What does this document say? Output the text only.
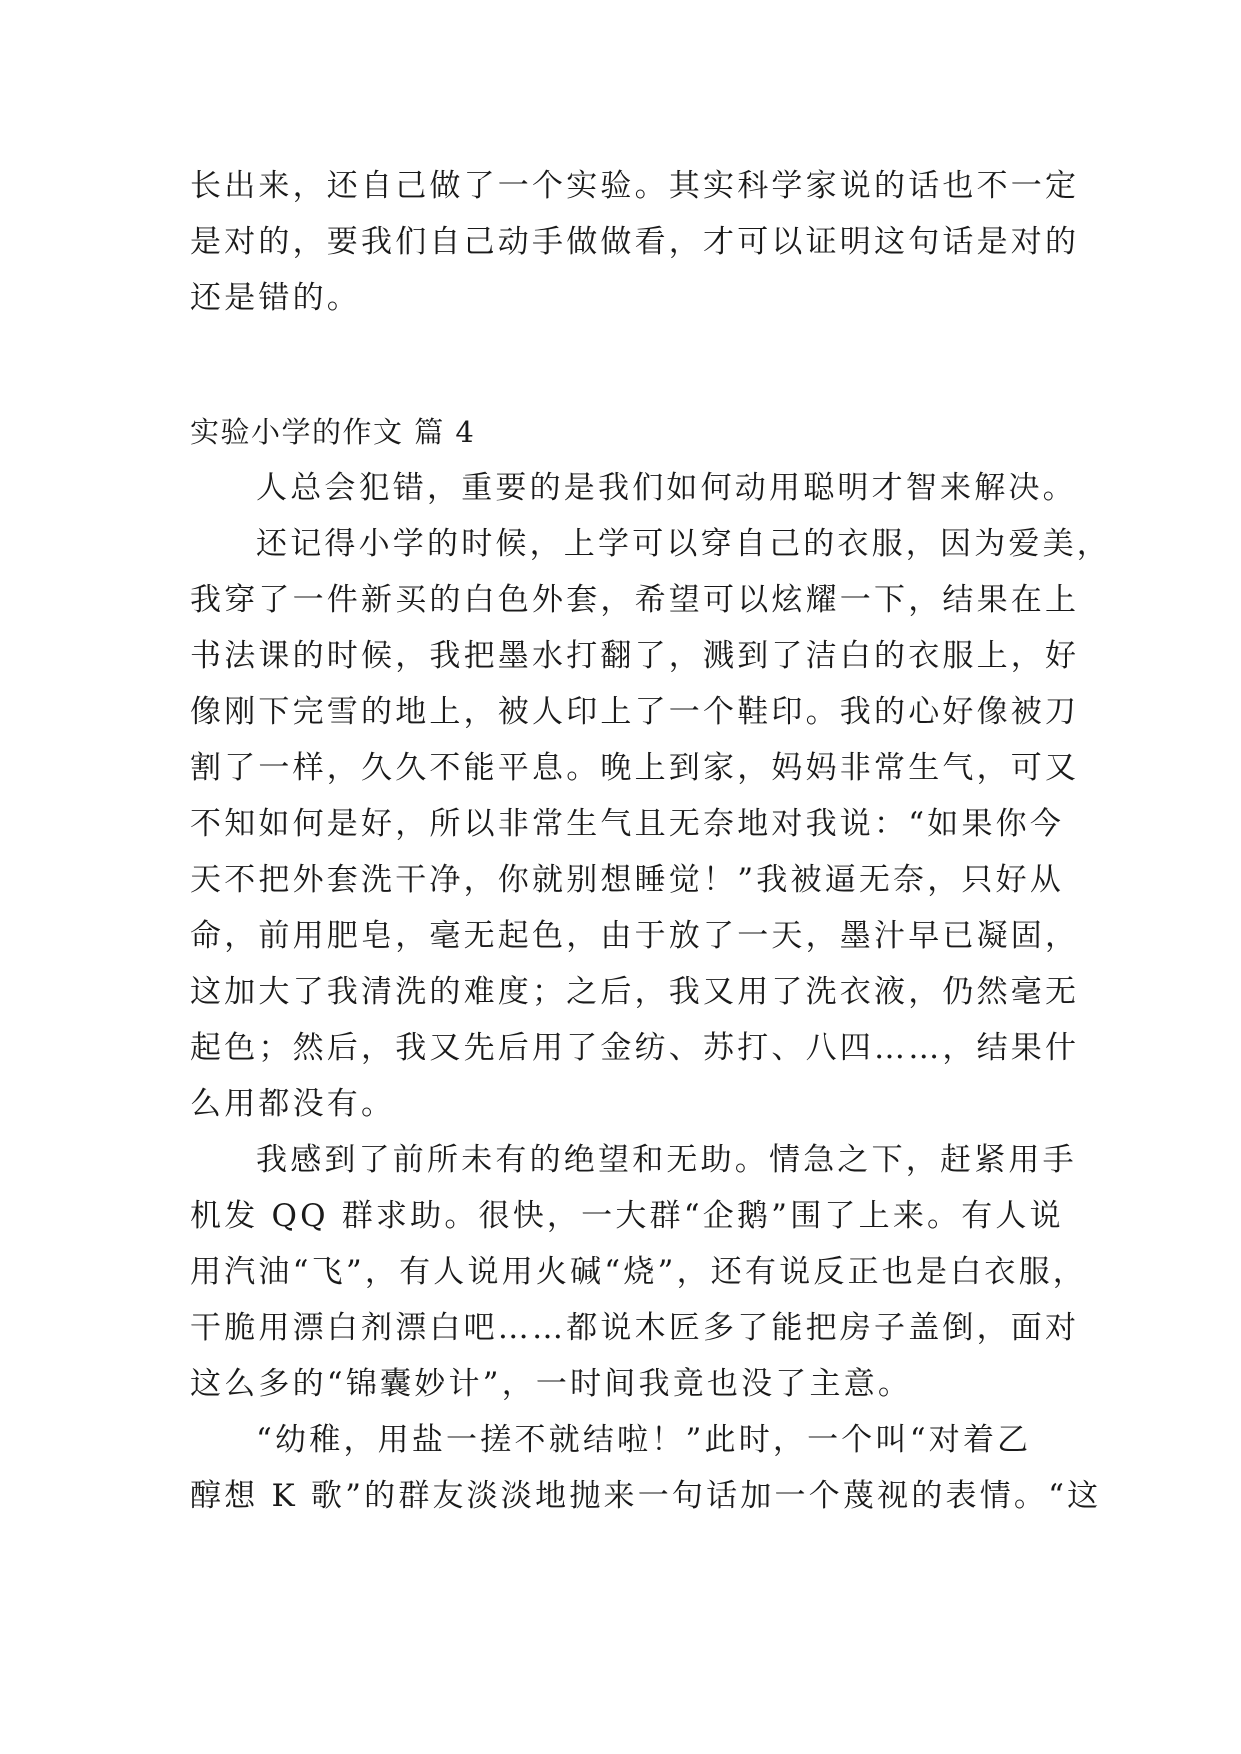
长出来，还自己做了一个实验。其实科学家说的话也不一定
是对的，要我们自己动手做做看，才可以证明这句话是对的
还是错的。
实验小学的作文 篇 4
人总会犯错，重要的是我们如何动用聪明才智来解决。
还记得小学的时候，上学可以穿自己的衣服，因为爱美，
我穿了一件新买的白色外套，希望可以炫耀一下，结果在上
书法课的时候，我把墨水打翻了，溅到了洁白的衣服上，好
像刚下完雪的地上，被人印上了一个鞋印。我的心好像被刀
割了一样，久久不能平息。晚上到家，妈妈非常生气，可又
不知如何是好，所以非常生气且无奈地对我说：“如果你今
天不把外套洗干净，你就别想睡觉！”我被逼无奈，只好从
命，前用肥皂，毫无起色，由于放了一天，墨汁早已凝固，
这加大了我清洗的难度；之后，我又用了洗衣液，仍然毫无
起色；然后，我又先后用了金纺、苏打、八四……，结果什
么用都没有。
我感到了前所未有的绝望和无助。情急之下，赶紧用手
机发 QQ 群求助。很快，一大群“企鹅”围了上来。有人说
用汽油“飞”，有人说用火碱“烧”，还有说反正也是白衣服，
干脆用漂白剂漂白吧……都说木匠多了能把房子盖倒，面对
这么多的“锦囊妙计”，一时间我竟也没了主意。
“幼稚，用盐一搓不就结啦！”此时，一个叫“对着乙
醇想 K 歌”的群友淡淡地抛来一句话加一个蔑视的表情。“这
